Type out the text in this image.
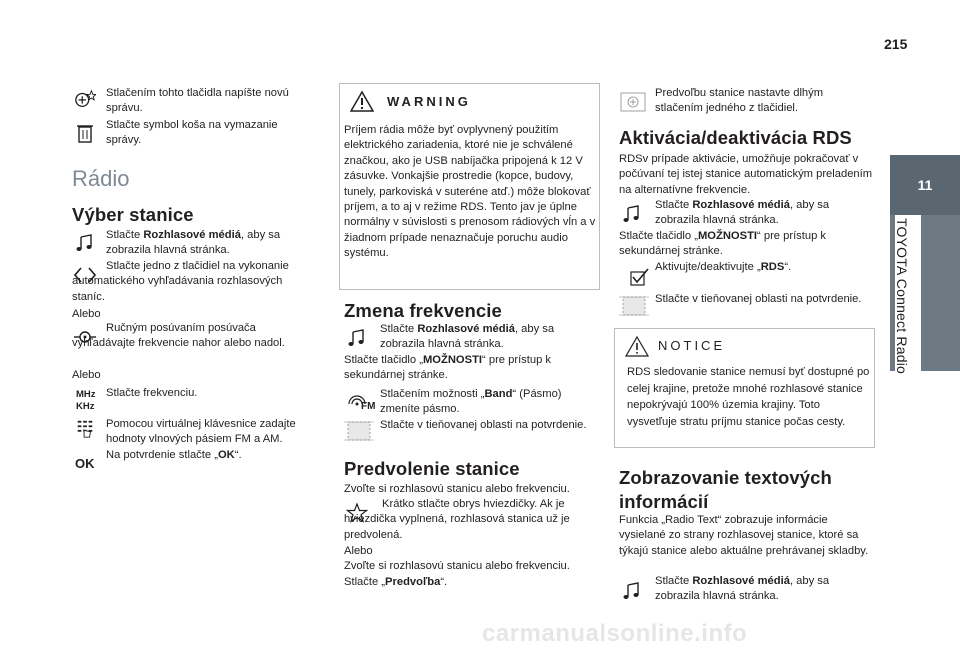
215
11
TOYOTA Connect Radio
Stlačením tohto tlačidla napíšte novú správu.
Stlačte symbol koša na vymazanie správy.
Rádio
Výber stanice
Stlačte Rozhlasové médiá, aby sa zobrazila hlavná stránka.
Stlačte jedno z tlačidiel na vykonanie automatického vyhľadávania rozhlasových staníc.
Alebo
Ručným posúvaním posúvača vyhľadávajte frekvencie nahor alebo nadol.
Alebo
MHz
KHz
Stlačte frekvenciu.
Pomocou virtuálnej klávesnice zadajte hodnoty vlnových pásiem FM a AM.
OK
Na potvrdenie stlačte „OK“.
WARNING
Príjem rádia môže byť ovplyvnený použitím elektrického zariadenia, ktoré nie je schválené značkou, ako je USB nabíjačka pripojená k 12 V zásuvke. Vonkajšie prostredie (kopce, budovy, tunely, parkoviská v suteréne atď.) môže blokovať príjem, a to aj v režime RDS. Tento jav je úplne normálny v súvislosti s prenosom rádiových vĺn a v žiadnom prípade nenaznačuje poruchu audio systému.
Zmena frekvencie
Stlačte Rozhlasové médiá, aby sa zobrazila hlavná stránka.
Stlačte tlačidlo „MOŽNOSTI“ pre prístup k sekundárnej stránke.
FM
Stlačením možnosti „Band“ (Pásmo) zmeníte pásmo.
Stlačte v tieňovanej oblasti na potvrdenie.
Predvolenie stanice
Zvoľte si rozhlasovú stanicu alebo frekvenciu.
Krátko stlačte obrys hviezdičky. Ak je hviezdička vyplnená, rozhlasová stanica už je predvolená.
Alebo
Zvoľte si rozhlasovú stanicu alebo frekvenciu.
Stlačte „Predvoľba“.
Predvoľbu stanice nastavte dlhým stlačením jedného z tlačidiel.
Aktivácia/deaktivácia RDS
RDSv prípade aktivácie, umožňuje pokračovať v počúvaní tej istej stanice automatickým preladením na alternatívne frekvencie.
Stlačte Rozhlasové médiá, aby sa zobrazila hlavná stránka.
Stlačte tlačidlo „MOŽNOSTI“ pre prístup k sekundárnej stránke.
Aktivujte/deaktivujte „RDS“.
Stlačte v tieňovanej oblasti na potvrdenie.
NOTICE
RDS sledovanie stanice nemusí byť dostupné po celej krajine, pretože mnohé rozhlasové stanice nepokrývajú 100% územia krajiny. Toto vysvetľuje stratu príjmu stanice počas cesty.
Zobrazovanie textových informácií
Funkcia „Radio Text“ zobrazuje informácie vysielané zo strany rozhlasovej stanice, ktoré sa týkajú stanice alebo aktuálne prehrávanej skladby.
Stlačte Rozhlasové médiá, aby sa zobrazila hlavná stránka.
carmanualsonline.info
